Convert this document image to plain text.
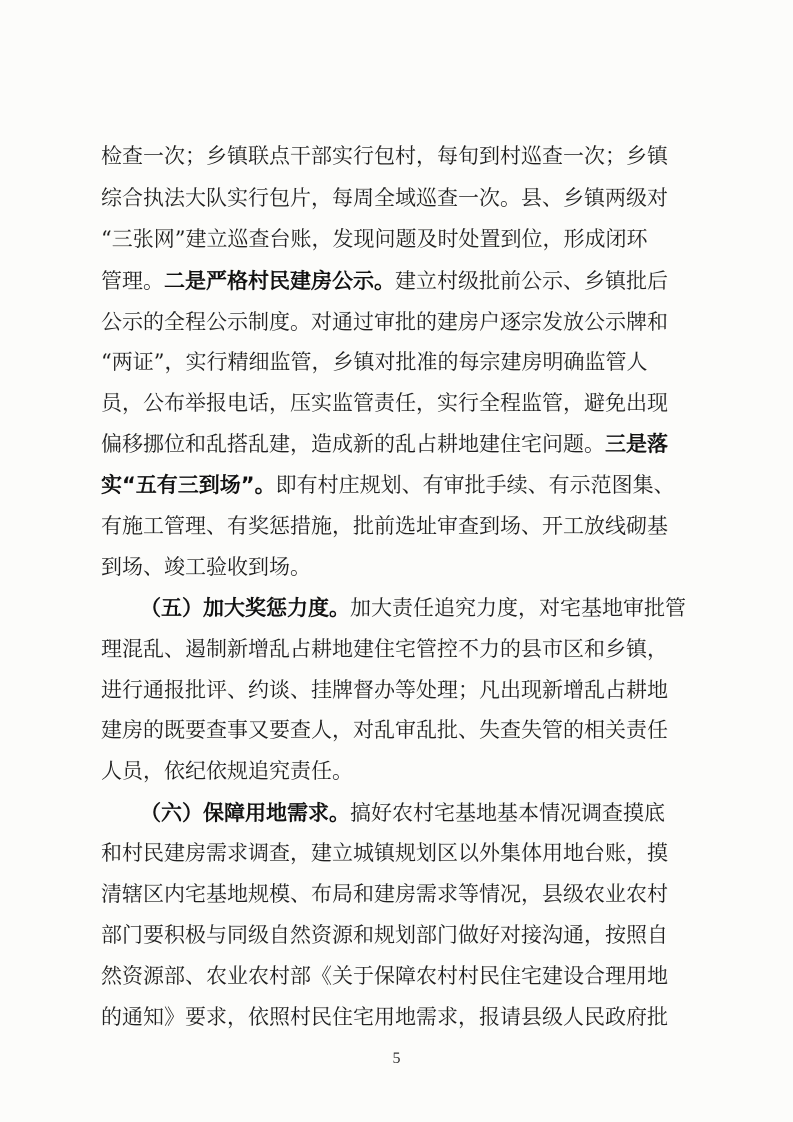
检查一次；乡镇联点干部实行包村，每旬到村巡查一次；乡镇
综合执法大队实行包片，每周全域巡查一次。县、乡镇两级对
“三张网”建立巡查台账，发现问题及时处置到位，形成闭环
管理。二是严格村民建房公示。建立村级批前公示、乡镇批后
公示的全程公示制度。对通过审批的建房户逐宗发放公示牌和
“两证”，实行精细监管，乡镇对批准的每宗建房明确监管人
员，公布举报电话，压实监管责任，实行全程监管，避免出现
偏移挪位和乱搭乱建，造成新的乱占耕地建住宅问题。三是落
实“五有三到场”。即有村庄规划、有审批手续、有示范图集、
有施工管理、有奖惩措施，批前选址审查到场、开工放线砌基
到场、竣工验收到场。
（五）加大奖惩力度。加大责任追究力度，对宅基地审批管
理混乱、遏制新增乱占耕地建住宅管控不力的县市区和乡镇，
进行通报批评、约谈、挂牌督办等处理；凡出现新增乱占耕地
建房的既要查事又要查人，对乱审乱批、失查失管的相关责任
人员，依纪依规追究责任。
（六）保障用地需求。搞好农村宅基地基本情况调查摸底
和村民建房需求调查，建立城镇规划区以外集体用地台账，摸
清辖区内宅基地规模、布局和建房需求等情况，县级农业农村
部门要积极与同级自然资源和规划部门做好对接沟通，按照自
然资源部、农业农村部《关于保障农村村民住宅建设合理用地
的通知》要求，依照村民住宅用地需求，报请县级人民政府批
5
